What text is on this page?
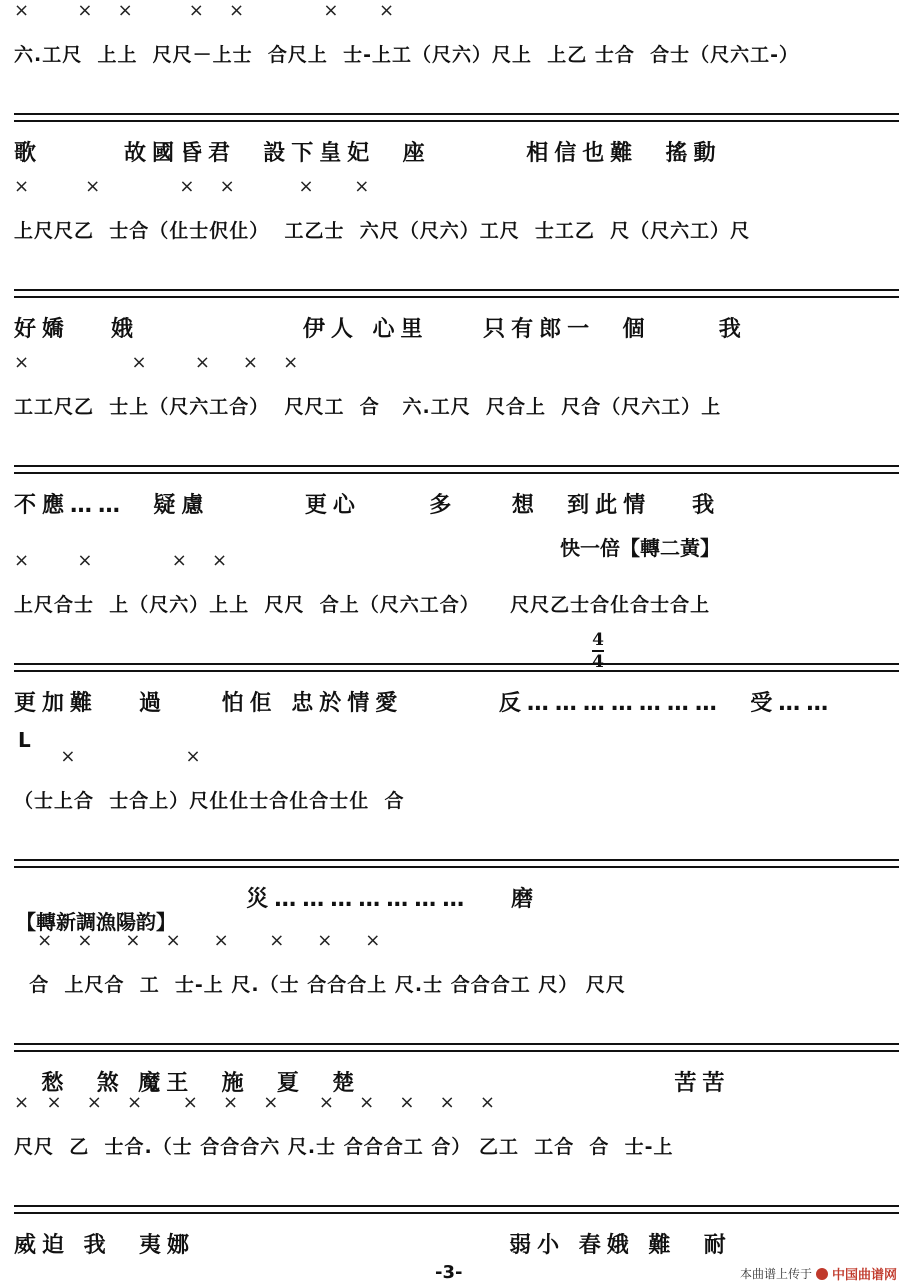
×      ×   ×       ×   ×          ×     ×
六.工尺  上上  尺尺－上士  合尺上  士-上工（尺六）尺上  上乙 士合  合士（尺六工-）

歌      故國昏君  設下皇妃  座       相信也難  搖動
×       ×          ×   ×        ×     ×
上尺尺乙  士合（仩士伬仩）  工乙士  六尺（尺六）工尺  士工乙  尺（尺六工）尺

好嬌   娥            伊人 心里    只有郎一  個     我
×             ×      ×    ×   ×
工工尺乙  士上（尺六工合）  尺尺工  合   六.工尺  尺合上  尺合（尺六工）上

不應……  疑慮       更心     多    想  到此情   我
快一倍【轉二黃】
×      ×          ×   ×
上尺合士  上（尺六）上上  尺尺  合上（尺六工合）    尺尺乙士合仩合士合上

更加難   過    怕佢 忠於情愛       反…………………  受……
4
4
L
×              ×
（士上合  士合上）尺仩仩士合仩合士仩  合

災…………………   磨
【轉新調漁陽韵】
×   ×    ×   ×    ×     ×    ×    ×
合  上尺合  工  士-上 尺.（士 合合合上 尺.士 合合合工 尺） 尺尺

愁  煞 魔王  施  夏  楚                       苦苦
×  ×   ×   ×     ×   ×   ×     ×   ×   ×   ×   ×
尺尺  乙  士合.（士 合合合六 尺.士 合合合工 合） 乙工  工合  合  士-上

威迫 我  夷娜                       弱小 春娥 難  耐
-3-	本曲谱上传于 中国曲谱网
